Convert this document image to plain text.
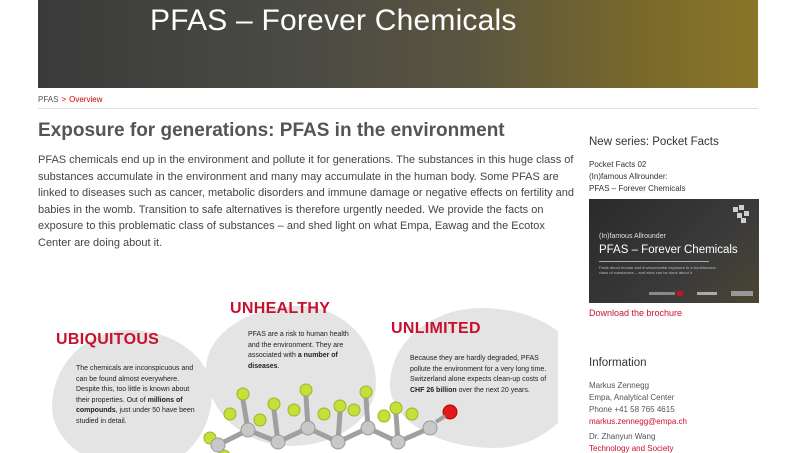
PFAS – Forever Chemicals
PFAS > Overview
Exposure for generations: PFAS in the environment
PFAS chemicals end up in the environment and pollute it for generations. The substances in this huge class of substances accumulate in the environment and many may accumulate in the human body. Some PFAS are linked to diseases such as cancer, metabolic disorders and immune damage or negative effects on fertility and babies in the womb. Transition to safe alternatives is therefore urgently needed. We provide the facts on exposure to this problematic class of substances – and shed light on what Empa, Eawag and the Ecotox Center are doing about it.
UBIQUITOUS
UNHEALTHY
UNLIMITED
The chemicals are inconspicuous and can be found almost everywhere. Despite this, too little is known about their properties. Out of millions of compounds, just under 50 have been studied in detail.
PFAS are a risk to human health and the environment. They are associated with a number of diseases.
Because they are hardly degraded, PFAS pollute the environment for a very long time. Switzerland alone expects clean-up costs of CHF 26 billion over the next 20 years.
New series: Pocket Facts
Pocket Facts 02
(In)famous Allrounder:
PFAS – Forever Chemicals
(In)famous Allrounder
PFAS – Forever Chemicals
Facts about human and environmental exposure to a troublesome class of substances – and what can be done about it.
Download the brochure
Information
Markus Zennegg
Empa, Analytical Center
Phone +41 58 765 4615
markus.zennegg@empa.ch
Dr. Zhanyun Wang
Technology and Society
